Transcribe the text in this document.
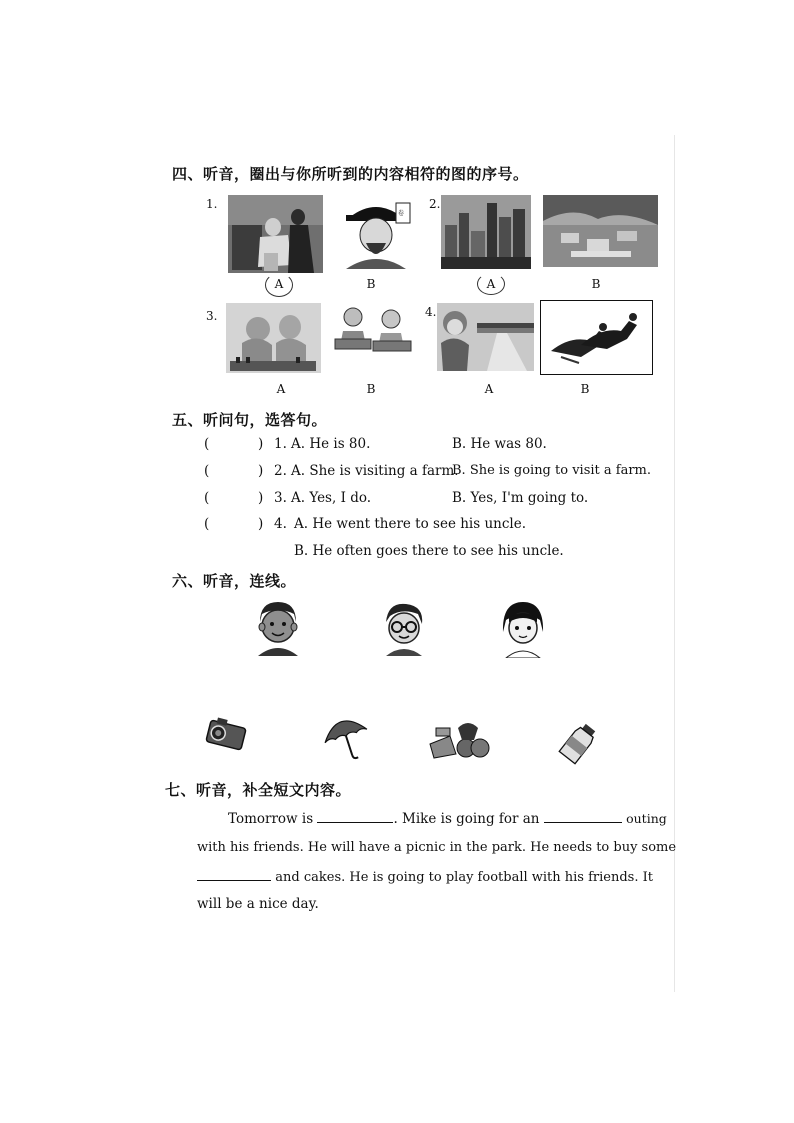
四、听音，圈出与你所听到的内容相符的图的序号。
1.
卷
2.
A	B	A	B
3.	4.
A	B	A	B
五、听问句，选答句。
(	) 1. A. He is 80.	B. He was 80.
(	) 2. A. She is visiting a farm.
B. She is going to visit a farm.
(	) 3. A. Yes, I do.	B. Yes, I'm going to.
(	) 4. A. He went there to see his uncle.
B. He often goes there to see his uncle.
六、听音，连线。
七、听音，补全短文内容。
Tomorrow is	. Mike is going for an	outing
with his friends. He will have a picnic in the park. He needs to buy some
and cakes. He is going to play football with his friends. It
will be a nice day.
